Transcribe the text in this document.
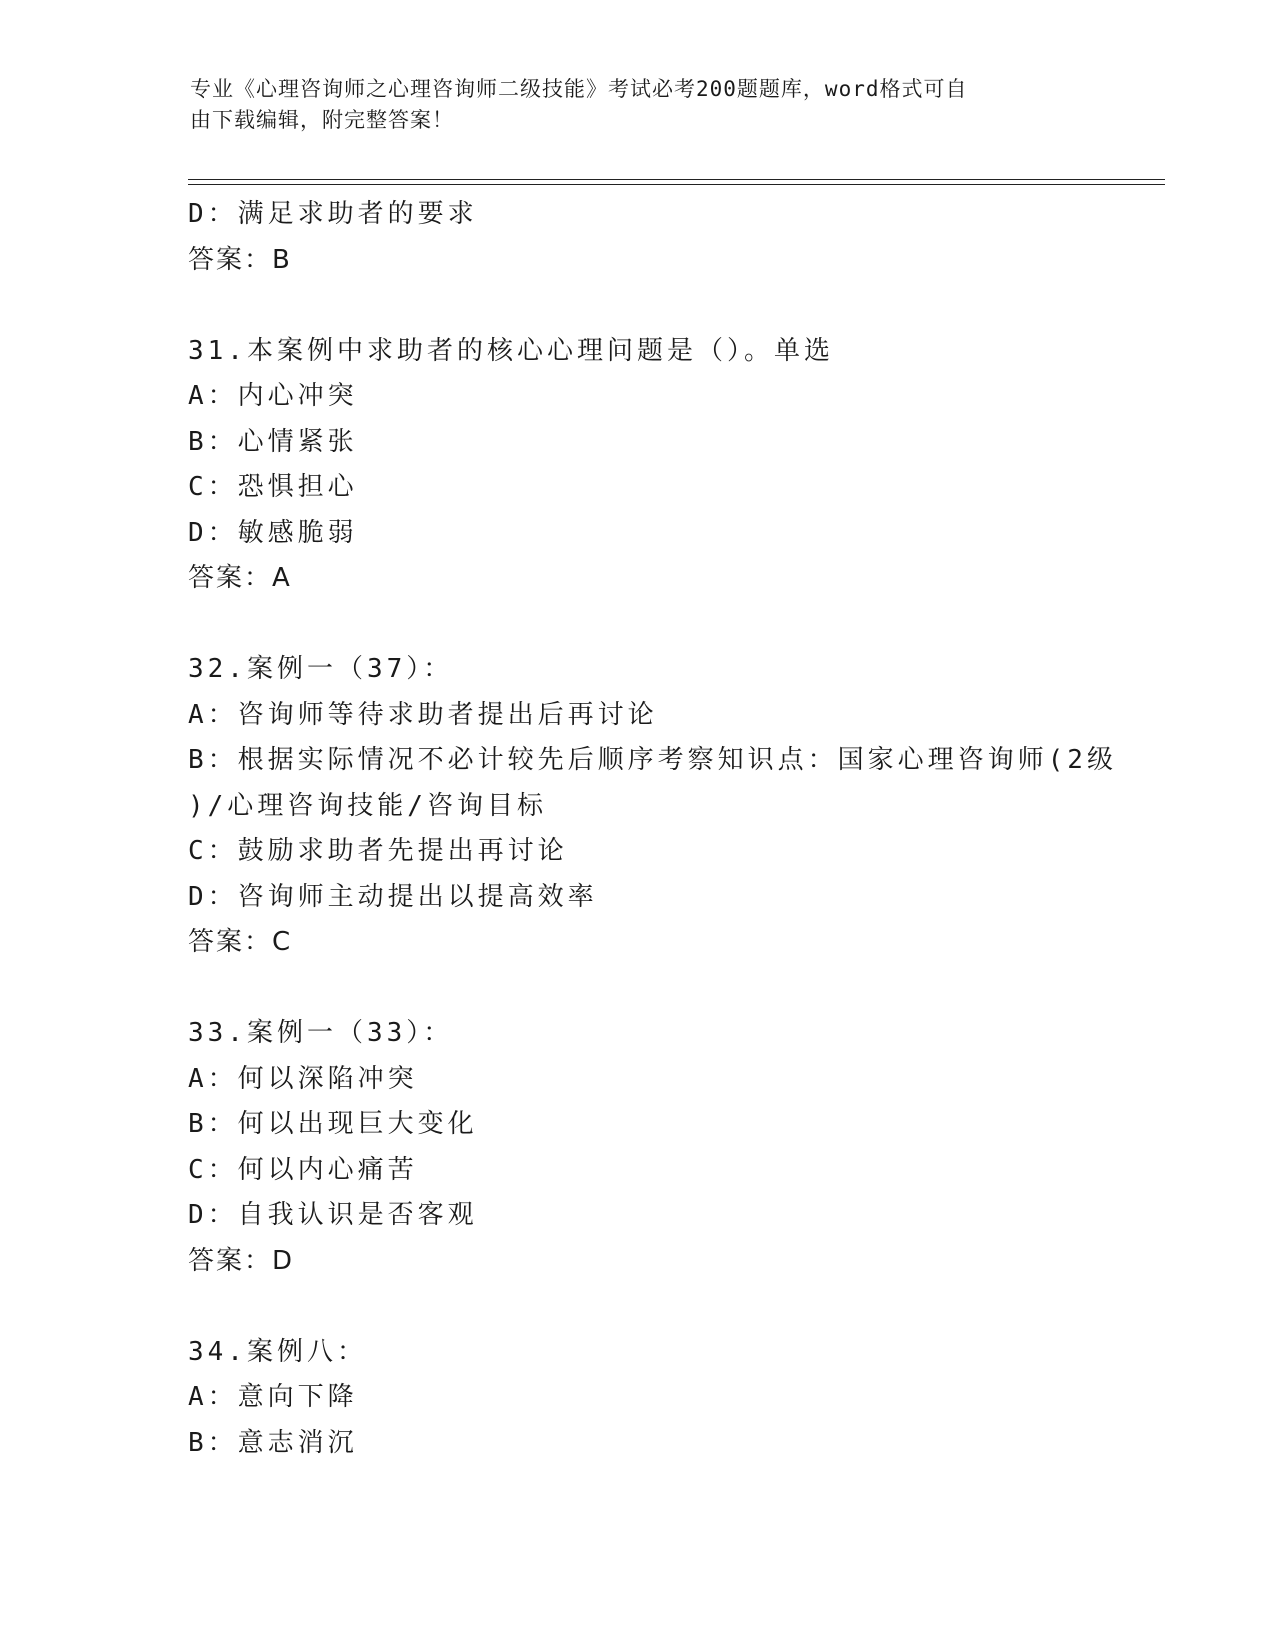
专业《心理咨询师之心理咨询师二级技能》考试必考200题题库，word格式可自
由下载编辑，附完整答案！
D：满足求助者的要求
答案：B
31.本案例中求助者的核心心理问题是（）。单选
A：内心冲突
B：心情紧张
C：恐惧担心
D：敏感脆弱
答案：A
32.案例一（37）：
A：咨询师等待求助者提出后再讨论
B：根据实际情况不必计较先后顺序考察知识点：国家心理咨询师(2级
)/心理咨询技能/咨询目标
C：鼓励求助者先提出再讨论
D：咨询师主动提出以提高效率
答案：C
33.案例一（33）：
A：何以深陷冲突
B：何以出现巨大变化
C：何以内心痛苦
D：自我认识是否客观
答案：D
34.案例八：
A：意向下降
B：意志消沉
